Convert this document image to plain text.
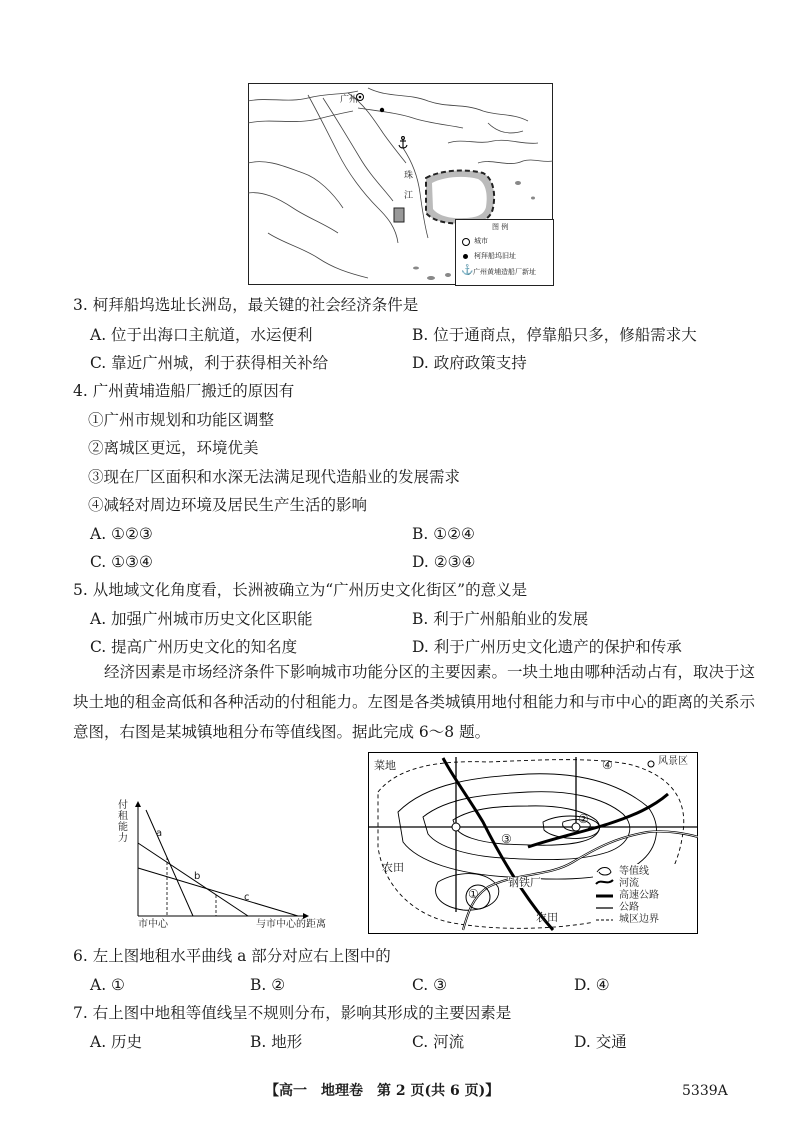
广州
珠
江
图 例
城市
柯拜船坞旧址
⚓ 广州黄埔造船厂新址
3. 柯拜船坞选址长洲岛，最关键的社会经济条件是
A. 位于出海口主航道，水运便利	B. 位于通商点，停靠船只多，修船需求大
C. 靠近广州城，利于获得相关补给	D. 政府政策支持
4. 广州黄埔造船厂搬迁的原因有
①广州市规划和功能区调整
②离城区更远，环境优美
③现在厂区面积和水深无法满足现代造船业的发展需求
④减轻对周边环境及居民生产生活的影响
A. ①②③	B. ①②④
C. ①③④	D. ②③④
5. 从地域文化角度看，长洲被确立为“广州历史文化街区”的意义是
A. 加强广州城市历史文化区职能	B. 利于广州船舶业的发展
C. 提高广州历史文化的知名度	D. 利于广州历史文化遗产的保护和传承
经济因素是市场经济条件下影响城市功能分区的主要因素。一块土地由哪种活动占有，取决于这块土地的租金高低和各种活动的付租能力。左图是各类城镇用地付租能力和与市中心的距离的关系示意图，右图是某城镇地租分布等值线图。据此完成 6～8 题。
付
租
能
力	a
b
c
市中心	与市中心的距离
菜地	风景区
农田
农田
钢铁厂
①
②
③
④
等值线
河流
高速公路
公路
城区边界
6. 左上图地租水平曲线 a 部分对应右上图中的
A. ①	B. ②	C. ③	D. ④
7. 右上图中地租等值线呈不规则分布，影响其形成的主要因素是
A. 历史	B. 地形	C. 河流	D. 交通
【高一　地理卷　第 2 页(共 6 页)】	5339A
